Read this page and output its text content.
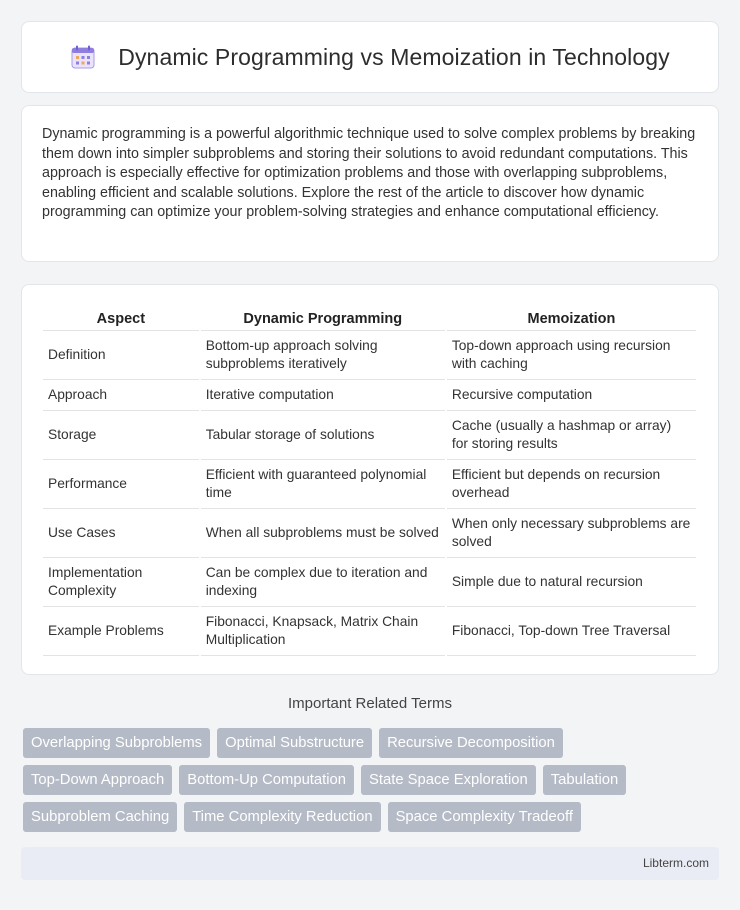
Dynamic Programming vs Memoization in Technology

Dynamic programming is a powerful algorithmic technique used to solve complex problems by breaking them down into simpler subproblems and storing their solutions to avoid redundant computations. This approach is especially effective for optimization problems and those with overlapping subproblems, enabling efficient and scalable solutions. Explore the rest of the article to discover how dynamic programming can optimize your problem-solving strategies and enhance computational efficiency.

Aspect	Dynamic Programming	Memoization
Definition	Bottom-up approach solving subproblems iteratively	Top-down approach using recursion with caching
Approach	Iterative computation	Recursive computation
Storage	Tabular storage of solutions	Cache (usually a hashmap or array) for storing results
Performance	Efficient with guaranteed polynomial time	Efficient but depends on recursion overhead
Use Cases	When all subproblems must be solved	When only necessary subproblems are solved
Implementation Complexity	Can be complex due to iteration and indexing	Simple due to natural recursion
Example Problems	Fibonacci, Knapsack, Matrix Chain Multiplication	Fibonacci, Top-down Tree Traversal
Important Related Terms
Overlapping Subproblems	Optimal Substructure	Recursive Decomposition
Top-Down Approach	Bottom-Up Computation	State Space Exploration	Tabulation
Subproblem Caching	Time Complexity Reduction	Space Complexity Tradeoff
Libterm.com
